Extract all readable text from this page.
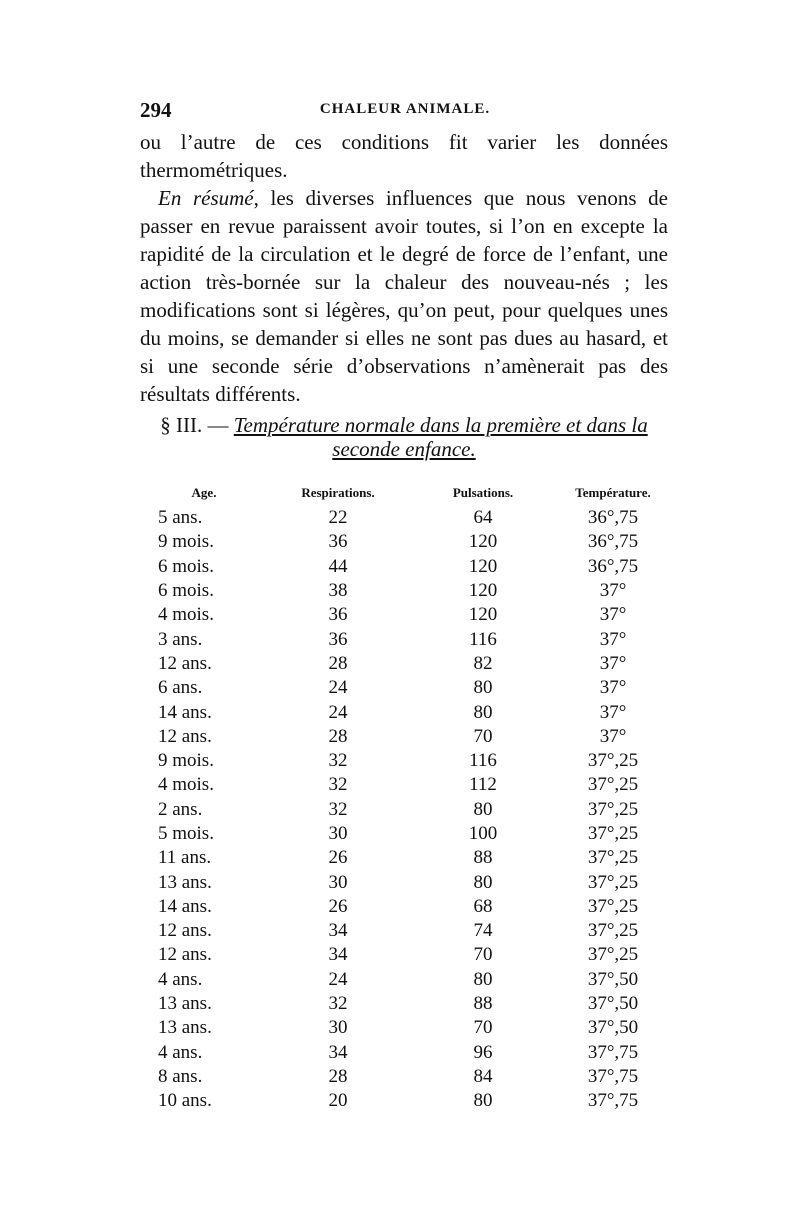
294	CHALEUR ANIMALE.

ou l’autre de ces conditions fit varier les données thermométriques.

En résumé, les diverses influences que nous venons de passer en revue paraissent avoir toutes, si l’on en excepte la rapidité de la circulation et le degré de force de l’enfant, une action très-bornée sur la chaleur des nouveau-nés ; les modifications sont si légères, qu’on peut, pour quelques unes du moins, se demander si elles ne sont pas dues au hasard, et si une seconde série d’observations n’amènerait pas des résultats différents.

§ III. — Température normale dans la première et dans la seconde enfance.
Age.	Respirations.	Pulsations.	Température.
5 ans.	22	64	36°,75
9 mois.	36	120	36°,75
6 mois.	44	120	36°,75
6 mois.	38	120	37°
4 mois.	36	120	37°
3 ans.	36	116	37°
12 ans.	28	82	37°
6 ans.	24	80	37°
14 ans.	24	80	37°
12 ans.	28	70	37°
9 mois.	32	116	37°,25
4 mois.	32	112	37°,25
2 ans.	32	80	37°,25
5 mois.	30	100	37°,25
11 ans.	26	88	37°,25
13 ans.	30	80	37°,25
14 ans.	26	68	37°,25
12 ans.	34	74	37°,25
12 ans.	34	70	37°,25
4 ans.	24	80	37°,50
13 ans.	32	88	37°,50
13 ans.	30	70	37°,50
4 ans.	34	96	37°,75
8 ans.	28	84	37°,75
10 ans.	20	80	37°,75
